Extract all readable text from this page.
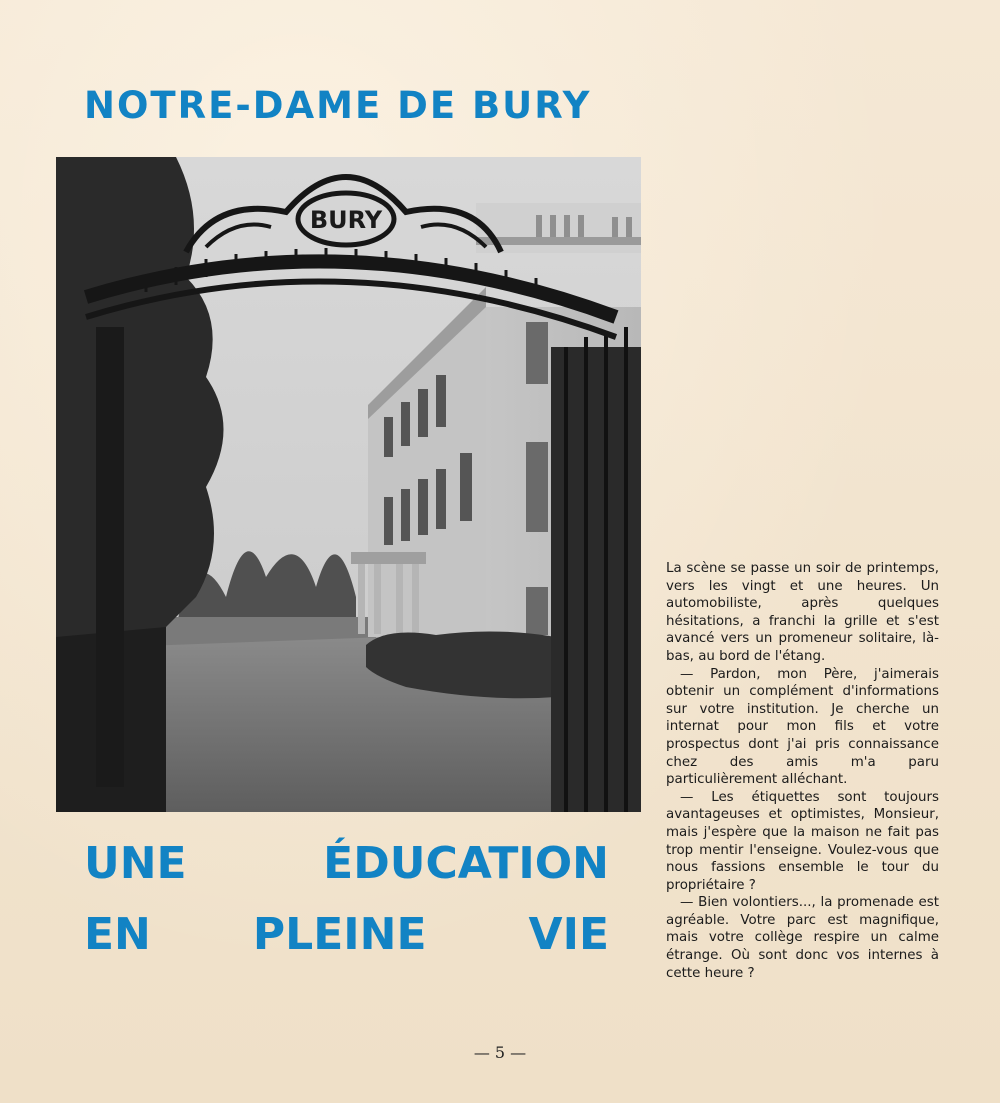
NOTRE-DAME DE BURY
BURY
UNE	ÉDUCATION
EN PLEINE VIE

La scène se passe un soir de printemps, vers les vingt et une heures. Un automobiliste, après quelques hésitations, a franchi la grille et s'est avancé vers un promeneur solitaire, là-bas, au bord de l'étang.

— Pardon, mon Père, j'aimerais obtenir un complément d'informations sur votre institution. Je cherche un internat pour mon fils et votre prospectus dont j'ai pris connaissance chez des amis m'a paru particulièrement alléchant.

— Les étiquettes sont toujours avantageuses et optimistes, Monsieur, mais j'espère que la maison ne fait pas trop mentir l'enseigne. Voulez-vous que nous fassions ensemble le tour du propriétaire ?

— Bien volontiers..., la promenade est agréable. Votre parc est magnifique, mais votre collège respire un calme étrange. Où sont donc vos internes à cette heure ?

— 5 —
